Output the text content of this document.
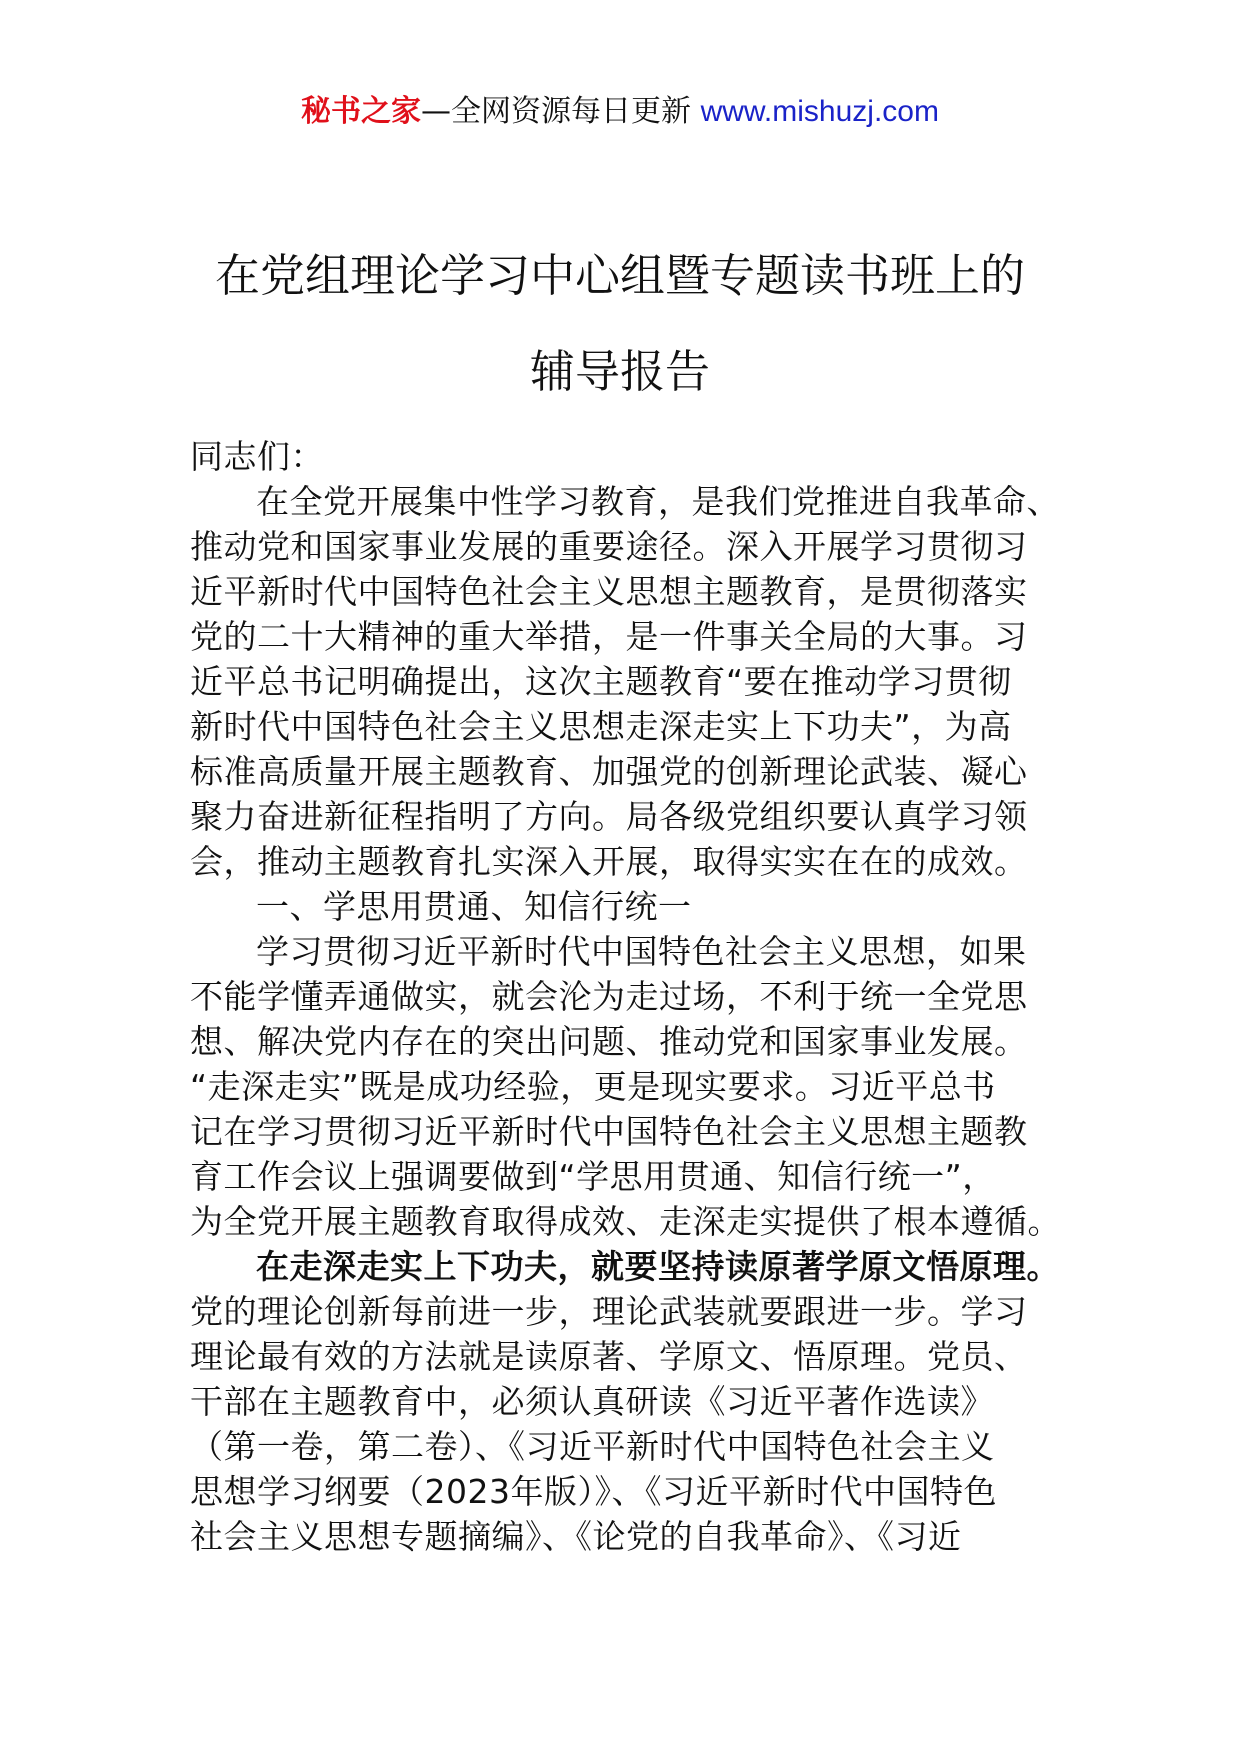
秘书之家—全网资源每日更新 www.mishuzj.com
在党组理论学习中心组暨专题读书班上的
辅导报告
同志们：
在全党开展集中性学习教育，是我们党推进自我革命、
推动党和国家事业发展的重要途径。深入开展学习贯彻习
近平新时代中国特色社会主义思想主题教育，是贯彻落实
党的二十大精神的重大举措，是一件事关全局的大事。习
近平总书记明确提出，这次主题教育“要在推动学习贯彻
新时代中国特色社会主义思想走深走实上下功夫”，为高
标准高质量开展主题教育、加强党的创新理论武装、凝心
聚力奋进新征程指明了方向。局各级党组织要认真学习领
会，推动主题教育扎实深入开展，取得实实在在的成效。
一、学思用贯通、知信行统一
学习贯彻习近平新时代中国特色社会主义思想，如果
不能学懂弄通做实，就会沦为走过场，不利于统一全党思
想、解决党内存在的突出问题、推动党和国家事业发展。
“走深走实”既是成功经验，更是现实要求。习近平总书
记在学习贯彻习近平新时代中国特色社会主义思想主题教
育工作会议上强调要做到“学思用贯通、知信行统一”，
为全党开展主题教育取得成效、走深走实提供了根本遵循。
在走深走实上下功夫，就要坚持读原著学原文悟原理。
党的理论创新每前进一步，理论武装就要跟进一步。学习
理论最有效的方法就是读原著、学原文、悟原理。党员、
干部在主题教育中，必须认真研读《习近平著作选读》
（第一卷，第二卷）、《习近平新时代中国特色社会主义
思想学习纲要（2023年版）》、《习近平新时代中国特色
社会主义思想专题摘编》、《论党的自我革命》、《习近
